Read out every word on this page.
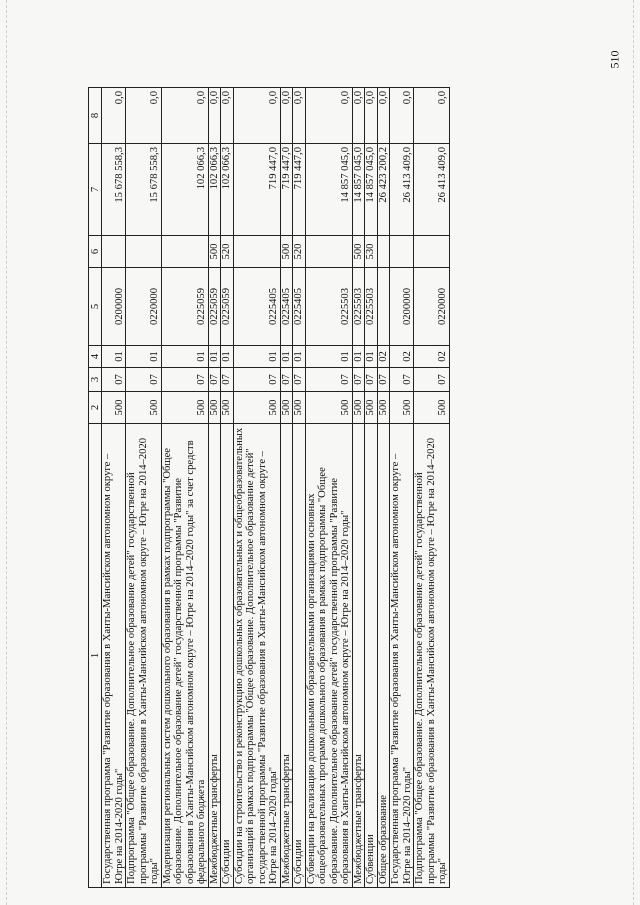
510
1	2	3	4	5	6	7	8
Государственная программа "Развитие образования в Ханты-Мансийском автономном округе – Югре на 2014-2020 годы"	500	07	01	0200000		15 678 558,3	0,0
Подпрограмма "Общее образование. Дополнительное образование детей" государственной программы "Развитие образования в Ханты-Мансийском автономном округе – Югре на 2014–2020 годы"	500	07	01	0220000		15 678 558,3	0,0
Модернизация региональных систем дошкольного образования в рамках подпрограммы "Общее образование. Дополнительное образование детей" государственной программы "Развитие образования в Ханты-Мансийском автономном округе – Югре на 2014–2020 годы" за счет средств федерального бюджета	500	07	01	0225059		102 066,3	0,0
Межбюджетные трансферты	500	07	01	0225059	500	102 066,3	0,0
Субсидии	500	07	01	0225059	520	102 066,3	0,0
Субсидии на строительство и реконструкцию дошкольных образовательных и общеобразовательных организаций в рамках подпрограммы "Общее образование. Дополнительное образование детей" государственной программы "Развитие образования в Ханты-Мансийском автономном округе – Югре на 2014–2020 годы"	500	07	01	0225405		719 447,0	0,0
Межбюджетные трансферты	500	07	01	0225405	500	719 447,0	0,0
Субсидии	500	07	01	0225405	520	719 447,0	0,0
Субвенции на реализацию дошкольными образовательными организациями основных общеобразовательных программ дошкольного образования в рамках подпрограммы "Общее образование. Дополнительное образование детей" государственной программы "Развитие образования в Ханты-Мансийском автономном округе – Югре на 2014–2020 годы"	500	07	01	0225503		14 857 045,0	0,0
Межбюджетные трансферты	500	07	01	0225503	500	14 857 045,0	0,0
Субвенции	500	07	01	0225503	530	14 857 045,0	0,0
Общее образование	500	07	02			26 423 200,2	0,0
Государственная программа "Развитие образования в Ханты-Мансийском автономном округе – Югре на 2014–2020 годы"	500	07	02	0200000		26 413 409,0	0,0
Подпрограмма "Общее образование. Дополнительное образование детей" государственной программы "Развитие образования в Ханты-Мансийском автономном округе – Югре на 2014–2020 годы"	500	07	02	0220000		26 413 409,0	0,0
